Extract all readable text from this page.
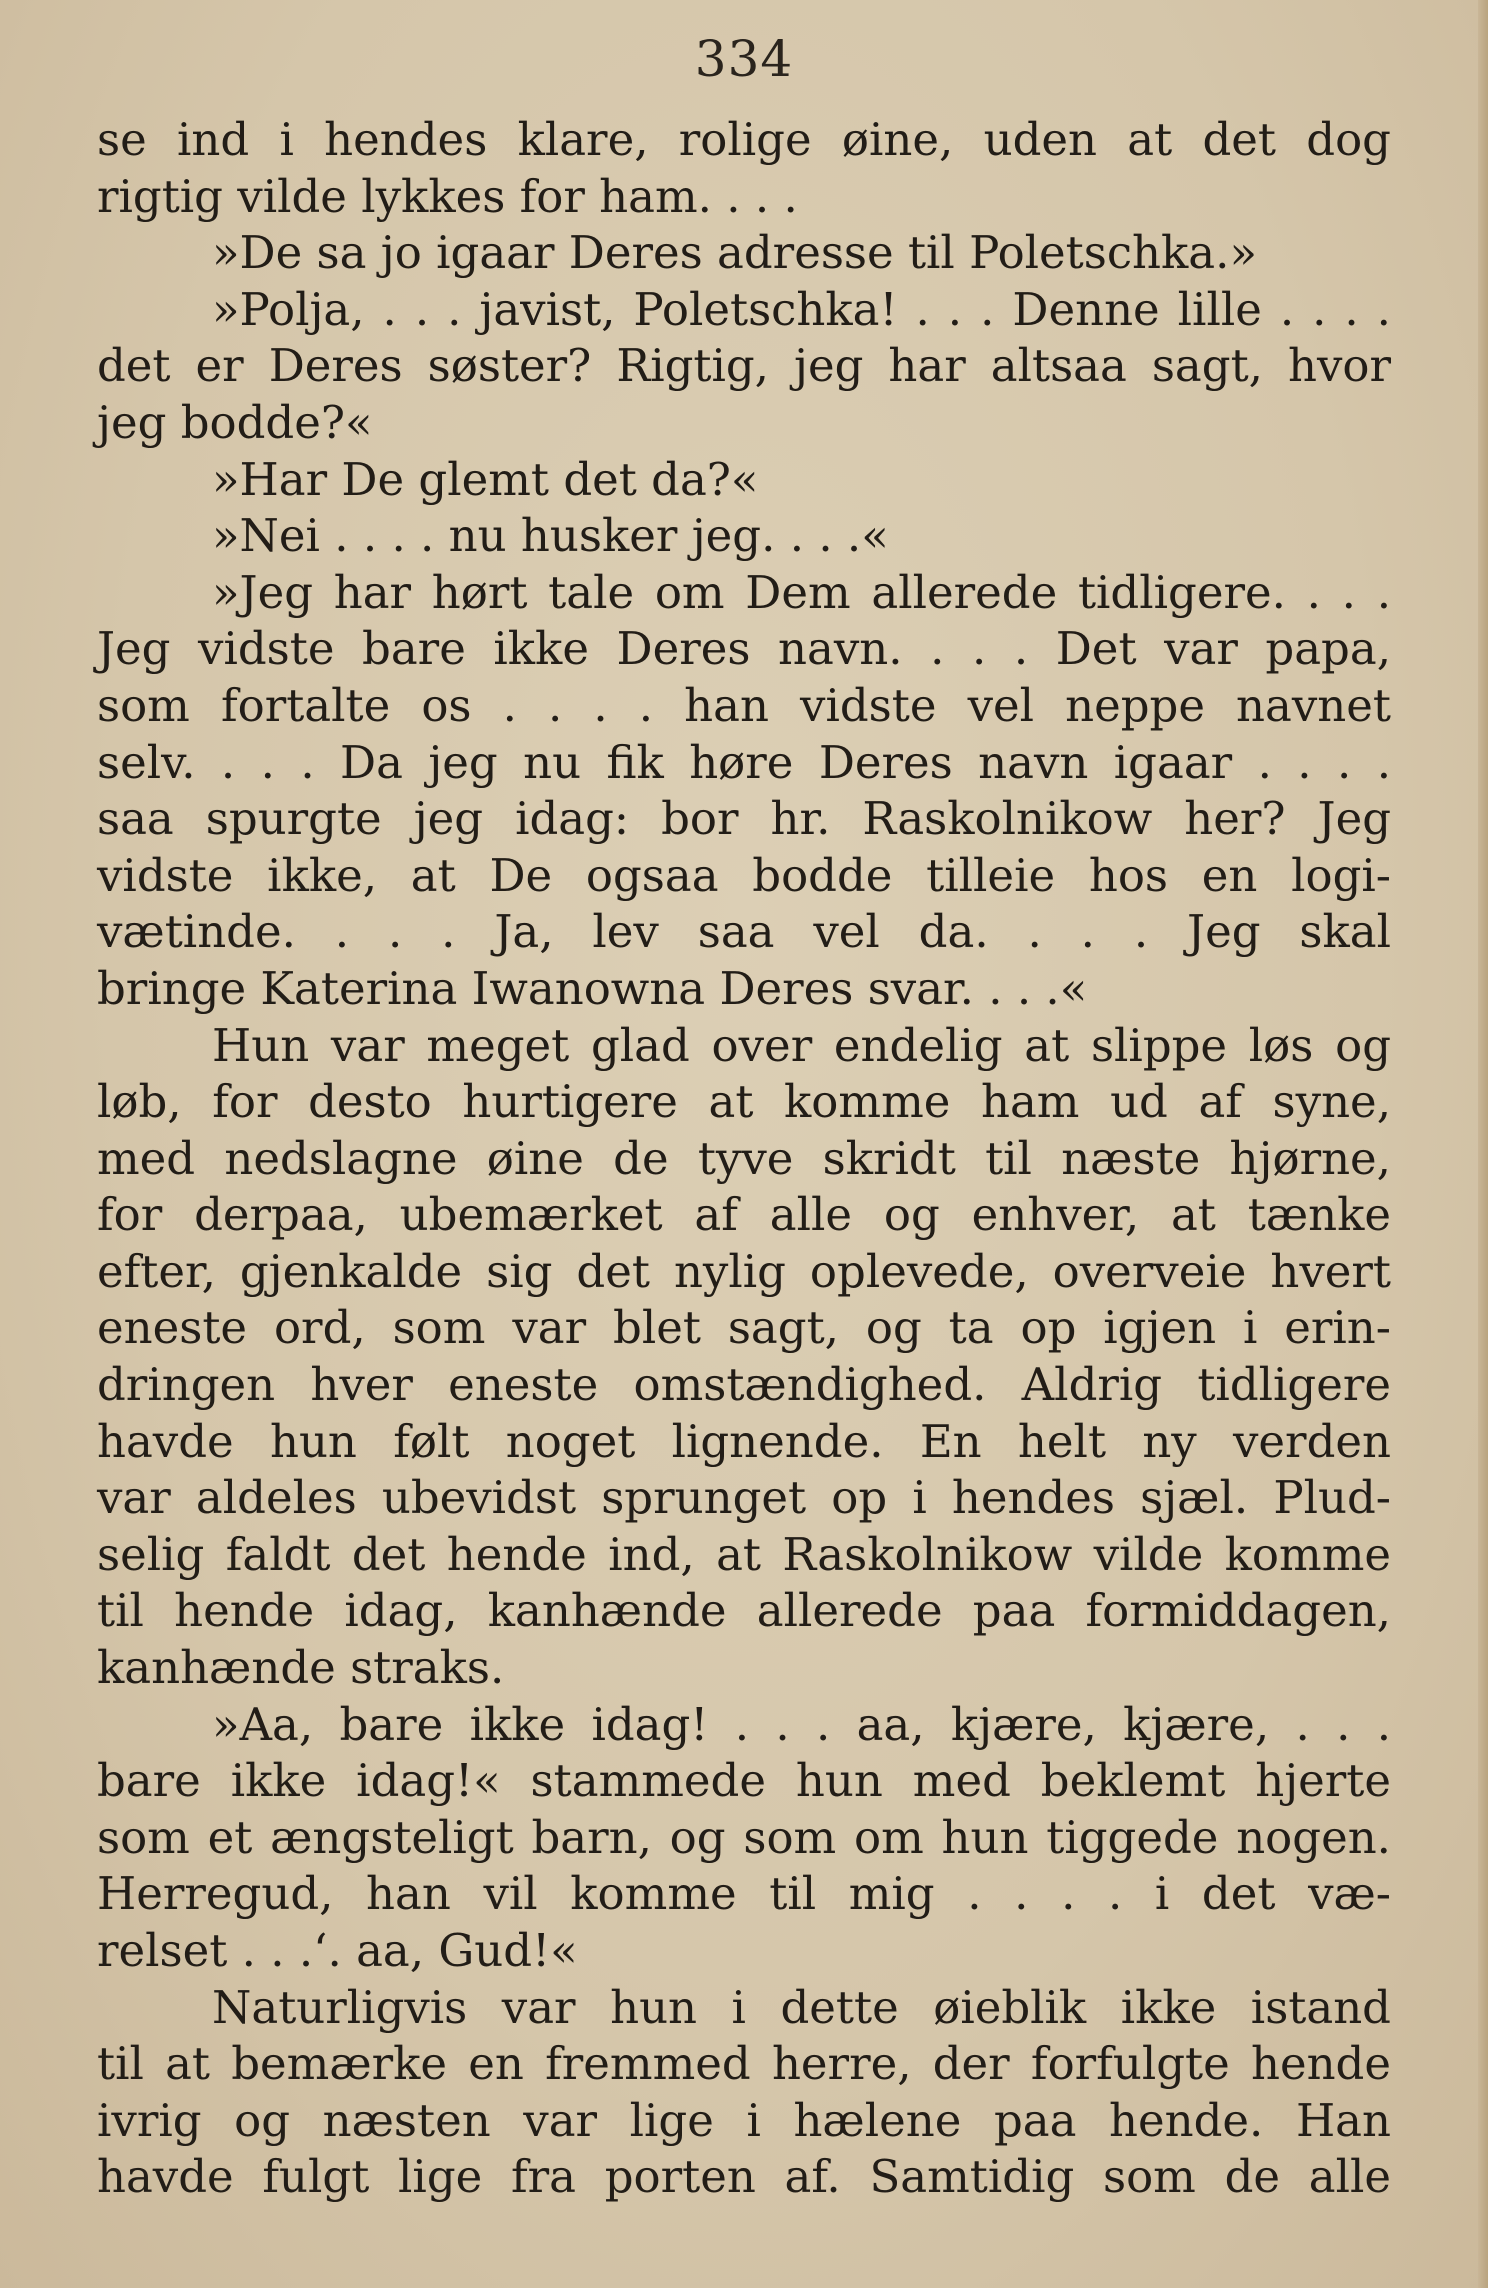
334
se ind i hendes klare, rolige øine, uden at det dog
rigtig vilde lykkes for ham. . . .
»De sa jo igaar Deres adresse til Poletschka.»
»Polja, . . . javist, Poletschka! . . . Denne lille . . . .
det er Deres søster? Rigtig, jeg har altsaa sagt, hvor
jeg bodde?«
»Har De glemt det da?«
»Nei . . . . nu husker jeg. . . .«
»Jeg har hørt tale om Dem allerede tidligere. . . .
Jeg vidste bare ikke Deres navn. . . . Det var papa,
som fortalte os . . . . han vidste vel neppe navnet
selv. . . . Da jeg nu fik høre Deres navn igaar . . . .
saa spurgte jeg idag: bor hr. Raskolnikow her? Jeg
vidste ikke, at De ogsaa bodde tilleie hos en logi-
vætinde. . . . Ja, lev saa vel da. . . . Jeg skal
bringe Katerina Iwanowna Deres svar. . . .«
Hun var meget glad over endelig at slippe løs og
løb, for desto hurtigere at komme ham ud af syne,
med nedslagne øine de tyve skridt til næste hjørne,
for derpaa, ubemærket af alle og enhver, at tænke
efter, gjenkalde sig det nylig oplevede, overveie hvert
eneste ord, som var blet sagt, og ta op igjen i erin-
dringen hver eneste omstændighed. Aldrig tidligere
havde hun følt noget lignende. En helt ny verden
var aldeles ubevidst sprunget op i hendes sjæl. Plud-
selig faldt det hende ind, at Raskolnikow vilde komme
til hende idag, kanhænde allerede paa formiddagen,
kanhænde straks.
»Aa, bare ikke idag! . . . aa, kjære, kjære, . . .
bare ikke idag!« stammede hun med beklemt hjerte
som et ængsteligt barn, og som om hun tiggede nogen.
Herregud, han vil komme til mig . . . . i det væ-
relset . . .‘. aa, Gud!«
Naturligvis var hun i dette øieblik ikke istand
til at bemærke en fremmed herre, der forfulgte hende
ivrig og næsten var lige i hælene paa hende. Han
havde fulgt lige fra porten af. Samtidig som de alle
